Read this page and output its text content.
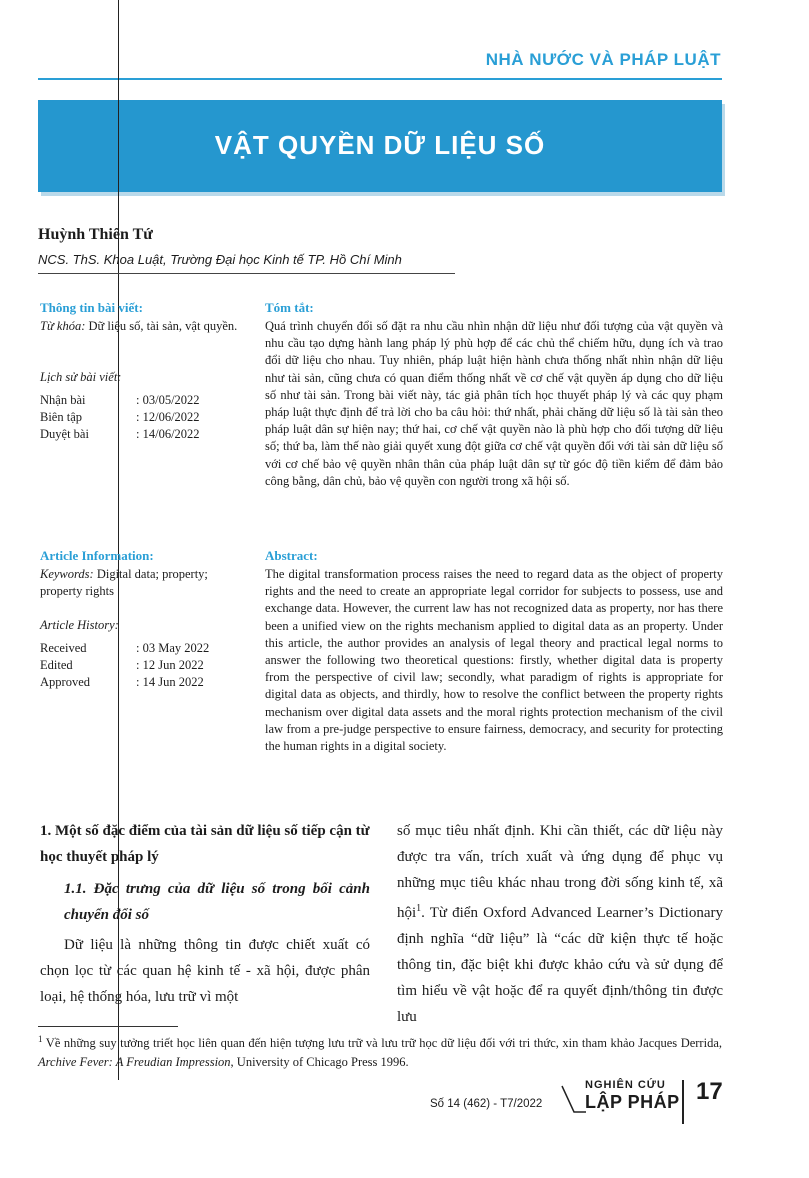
NHÀ NƯỚC VÀ PHÁP LUẬT
VẬT QUYỀN DỮ LIỆU SỐ
Huỳnh Thiên Tứ
NCS. ThS. Khoa Luật, Trường Đại học Kinh tế TP. Hồ Chí Minh
Thông tin bài viết:
Từ khóa: Dữ liệu số, tài sản, vật quyền.
Lịch sử bài viết:
Nhận bài	: 03/05/2022
Biên tập	: 12/06/2022
Duyệt bài	: 14/06/2022
Tóm tắt:
Quá trình chuyển đổi số đặt ra nhu cầu nhìn nhận dữ liệu như đối tượng của vật quyền và nhu cầu tạo dựng hành lang pháp lý phù hợp để các chủ thể chiếm hữu, dụng ích và trao đổi dữ liệu cho nhau. Tuy nhiên, pháp luật hiện hành chưa thống nhất nhìn nhận dữ liệu như tài sản, cũng chưa có quan điểm thống nhất về cơ chế vật quyền áp dụng cho dữ liệu số như tài sản. Trong bài viết này, tác giả phân tích học thuyết pháp lý và các quy phạm pháp luật thực định để trả lời cho ba câu hỏi: thứ nhất, phải chăng dữ liệu số là tài sản theo pháp luật dân sự hiện nay; thứ hai, cơ chế vật quyền nào là phù hợp cho đối tượng dữ liệu số; thứ ba, làm thế nào giải quyết xung đột giữa cơ chế vật quyền đối với tài sản dữ liệu số với cơ chế bảo vệ quyền nhân thân của pháp luật dân sự từ góc độ tiền kiểm để đảm bảo công bằng, dân chủ, bảo vệ quyền con người trong xã hội số.
Article Information:
Keywords: Digital data; property; property rights
Article History:
Received	: 03 May 2022
Edited	: 12 Jun 2022
Approved	: 14 Jun 2022
Abstract:
The digital transformation process raises the need to regard data as the object of property rights and the need to create an appropriate legal corridor for subjects to possess, use and exchange data. However, the current law has not recognized data as property, nor has there been a unified view on the rights mechanism applied to digital data as an property. Under this article, the author provides an analysis of legal theory and practical legal norms to answer the following two theoretical questions: firstly, whether digital data is property from the perspective of civil law; secondly, what paradigm of rights is appropriate for digital data as objects, and thirdly, how to resolve the conflict between the property rights mechanism over digital data assets and the moral rights protection mechanism of the civil law from a pre-judge perspective to ensure fairness, democracy, and security for protecting the human rights in a digital society.
1. Một số đặc điểm của tài sản dữ liệu số tiếp cận từ học thuyết pháp lý
1.1. Đặc trưng của dữ liệu số trong bối cảnh chuyển đổi số
Dữ liệu là những thông tin được chiết xuất có chọn lọc từ các quan hệ kinh tế - xã hội, được phân loại, hệ thống hóa, lưu trữ vì một
số mục tiêu nhất định. Khi cần thiết, các dữ liệu này được tra vấn, trích xuất và ứng dụng để phục vụ những mục tiêu khác nhau trong đời sống kinh tế, xã hội$^1$. Từ điển Oxford Advanced Learner’s Dictionary định nghĩa “dữ liệu” là “các dữ kiện thực tế hoặc thông tin, đặc biệt khi được khảo cứu và sử dụng để tìm hiểu về vật hoặc để ra quyết định/thông tin được lưu
$^1$ Về những suy tưởng triết học liên quan đến hiện tượng lưu trữ và lưu trữ học dữ liệu đối với tri thức, xin tham khảo Jacques Derrida, Archive Fever: A Freudian Impression, University of Chicago Press 1996.
Số 14 (462) - T7/2022
NGHIÊN CỨU
LẬP PHÁP 17
